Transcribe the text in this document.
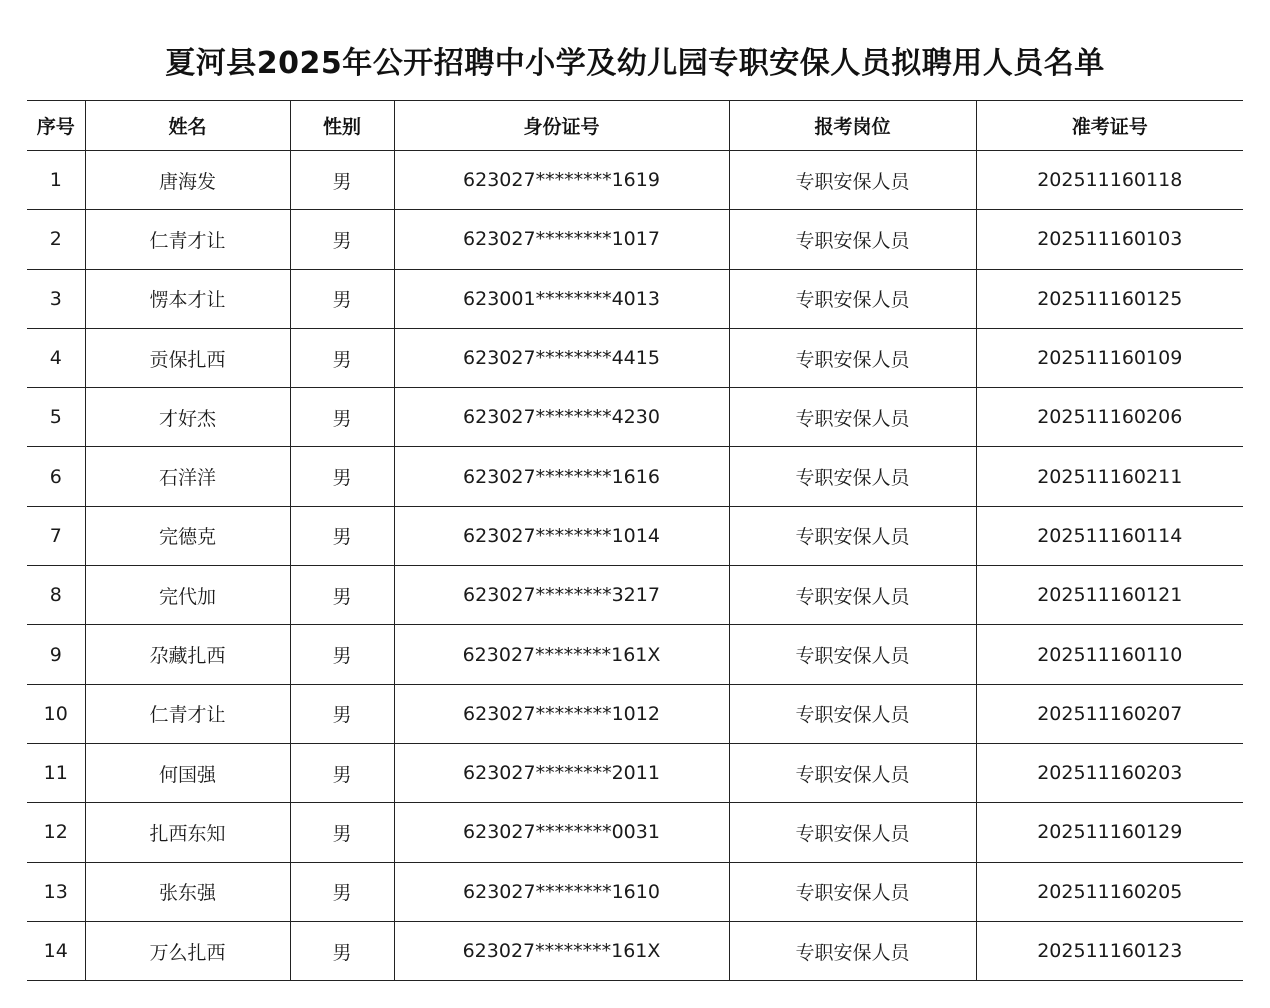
夏河县2025年公开招聘中小学及幼儿园专职安保人员拟聘用人员名单
序号	姓名	性别	身份证号	报考岗位	准考证号
1	唐海发	男	623027********1619	专职安保人员	202511160118
2	仁青才让	男	623027********1017	专职安保人员	202511160103
3	愣本才让	男	623001********4013	专职安保人员	202511160125
4	贡保扎西	男	623027********4415	专职安保人员	202511160109
5	才好杰	男	623027********4230	专职安保人员	202511160206
6	石洋洋	男	623027********1616	专职安保人员	202511160211
7	完德克	男	623027********1014	专职安保人员	202511160114
8	完代加	男	623027********3217	专职安保人员	202511160121
9	尕藏扎西	男	623027********161X	专职安保人员	202511160110
10	仁青才让	男	623027********1012	专职安保人员	202511160207
11	何国强	男	623027********2011	专职安保人员	202511160203
12	扎西东知	男	623027********0031	专职安保人员	202511160129
13	张东强	男	623027********1610	专职安保人员	202511160205
14	万么扎西	男	623027********161X	专职安保人员	202511160123
